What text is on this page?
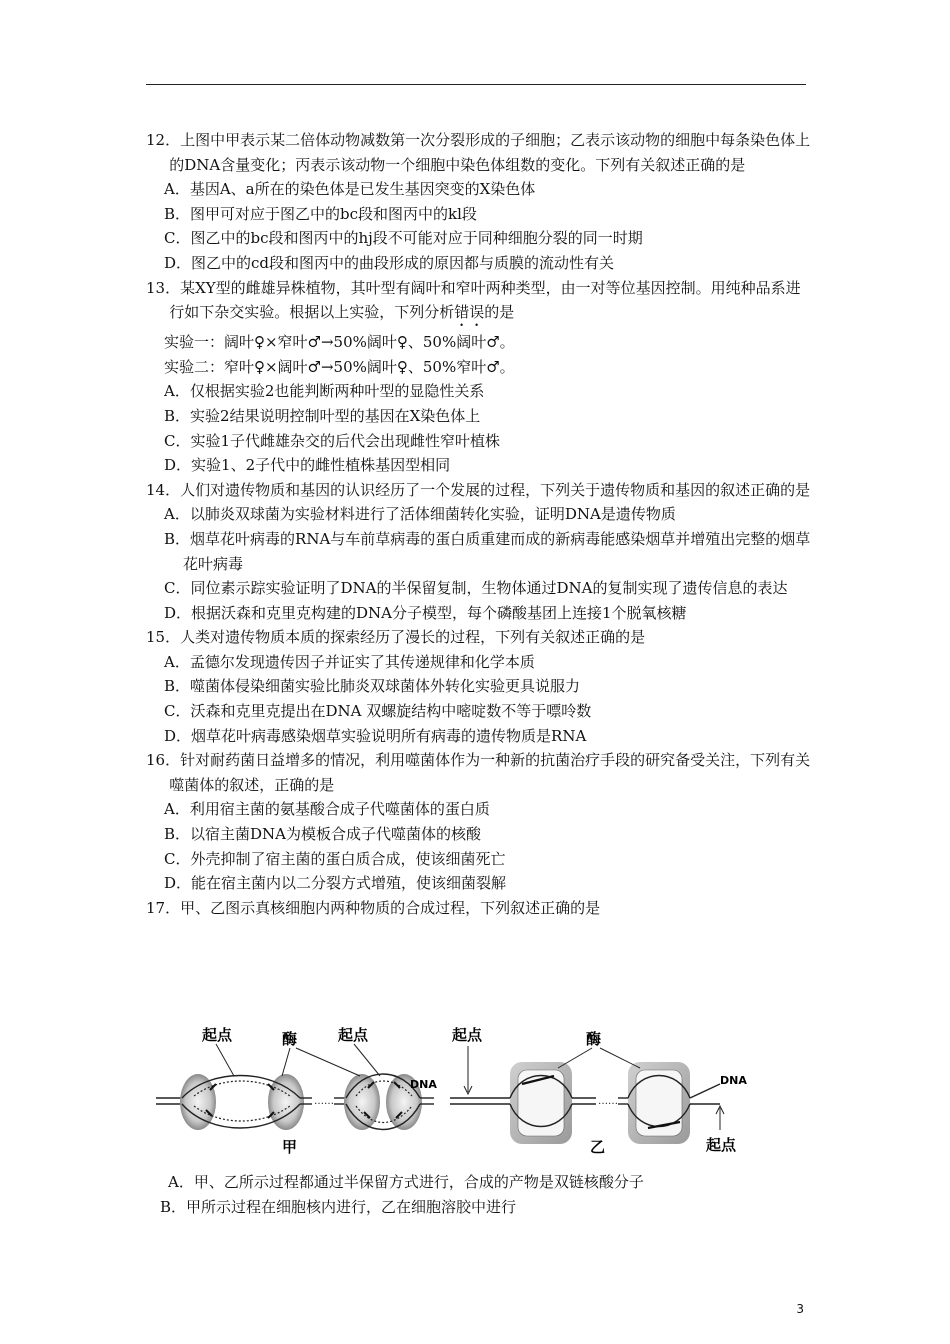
12．上图中甲表示某二倍体动物减数第一次分裂形成的子细胞；乙表示该动物的细胞中每条染色体上的DNA含量变化；丙表示该动物一个细胞中染色体组数的变化。下列有关叙述正确的是

A．基因A、a所在的染色体是已发生基因突变的X染色体

B．图甲可对应于图乙中的bc段和图丙中的kl段

C．图乙中的bc段和图丙中的hj段不可能对应于同种细胞分裂的同一时期

D．图乙中的cd段和图丙中的曲段形成的原因都与质膜的流动性有关

13．某XY型的雌雄异株植物，其叶型有阔叶和窄叶两种类型，由一对等位基因控制。用纯种品系进行如下杂交实验。根据以上实验，下列分析错误的是

实验一：阔叶♀×窄叶♂→50%阔叶♀、50%阔叶♂。

实验二：窄叶♀×阔叶♂→50%阔叶♀、50%窄叶♂。

A．仅根据实验2也能判断两种叶型的显隐性关系

B．实验2结果说明控制叶型的基因在X染色体上

C．实验1子代雌雄杂交的后代会出现雌性窄叶植株

D．实验1、2子代中的雌性植株基因型相同

14．人们对遗传物质和基因的认识经历了一个发展的过程，下列关于遗传物质和基因的叙述正确的是

A．以肺炎双球菌为实验材料进行了活体细菌转化实验，证明DNA是遗传物质

B．烟草花叶病毒的RNA与车前草病毒的蛋白质重建而成的新病毒能感染烟草并增殖出完整的烟草花叶病毒

C．同位素示踪实验证明了DNA的半保留复制，生物体通过DNA的复制实现了遗传信息的表达

D．根据沃森和克里克构建的DNA分子模型，每个磷酸基团上连接1个脱氧核糖

15．人类对遗传物质本质的探索经历了漫长的过程，下列有关叙述正确的是

A．孟德尔发现遗传因子并证实了其传递规律和化学本质

B．噬菌体侵染细菌实验比肺炎双球菌体外转化实验更具说服力

C．沃森和克里克提出在DNA 双螺旋结构中嘧啶数不等于嘌呤数

D．烟草花叶病毒感染烟草实验说明所有病毒的遗传物质是RNA

16．针对耐药菌日益增多的情况，利用噬菌体作为一种新的抗菌治疗手段的研究备受关注，下列有关噬菌体的叙述，正确的是

A．利用宿主菌的氨基酸合成子代噬菌体的蛋白质

B．以宿主菌DNA为模板合成子代噬菌体的核酸

C．外壳抑制了宿主菌的蛋白质合成，使该细菌死亡

D．能在宿主菌内以二分裂方式增殖，使该细菌裂解

17．甲、乙图示真核细胞内两种物质的合成过程，下列叙述正确的是

……
起点	起点
酶
DNA
甲
……
起点	酶
DNA
起点
乙

A．甲、乙所示过程都通过半保留方式进行，合成的产物是双链核酸分子

B．甲所示过程在细胞核内进行，乙在细胞溶胶中进行

3
